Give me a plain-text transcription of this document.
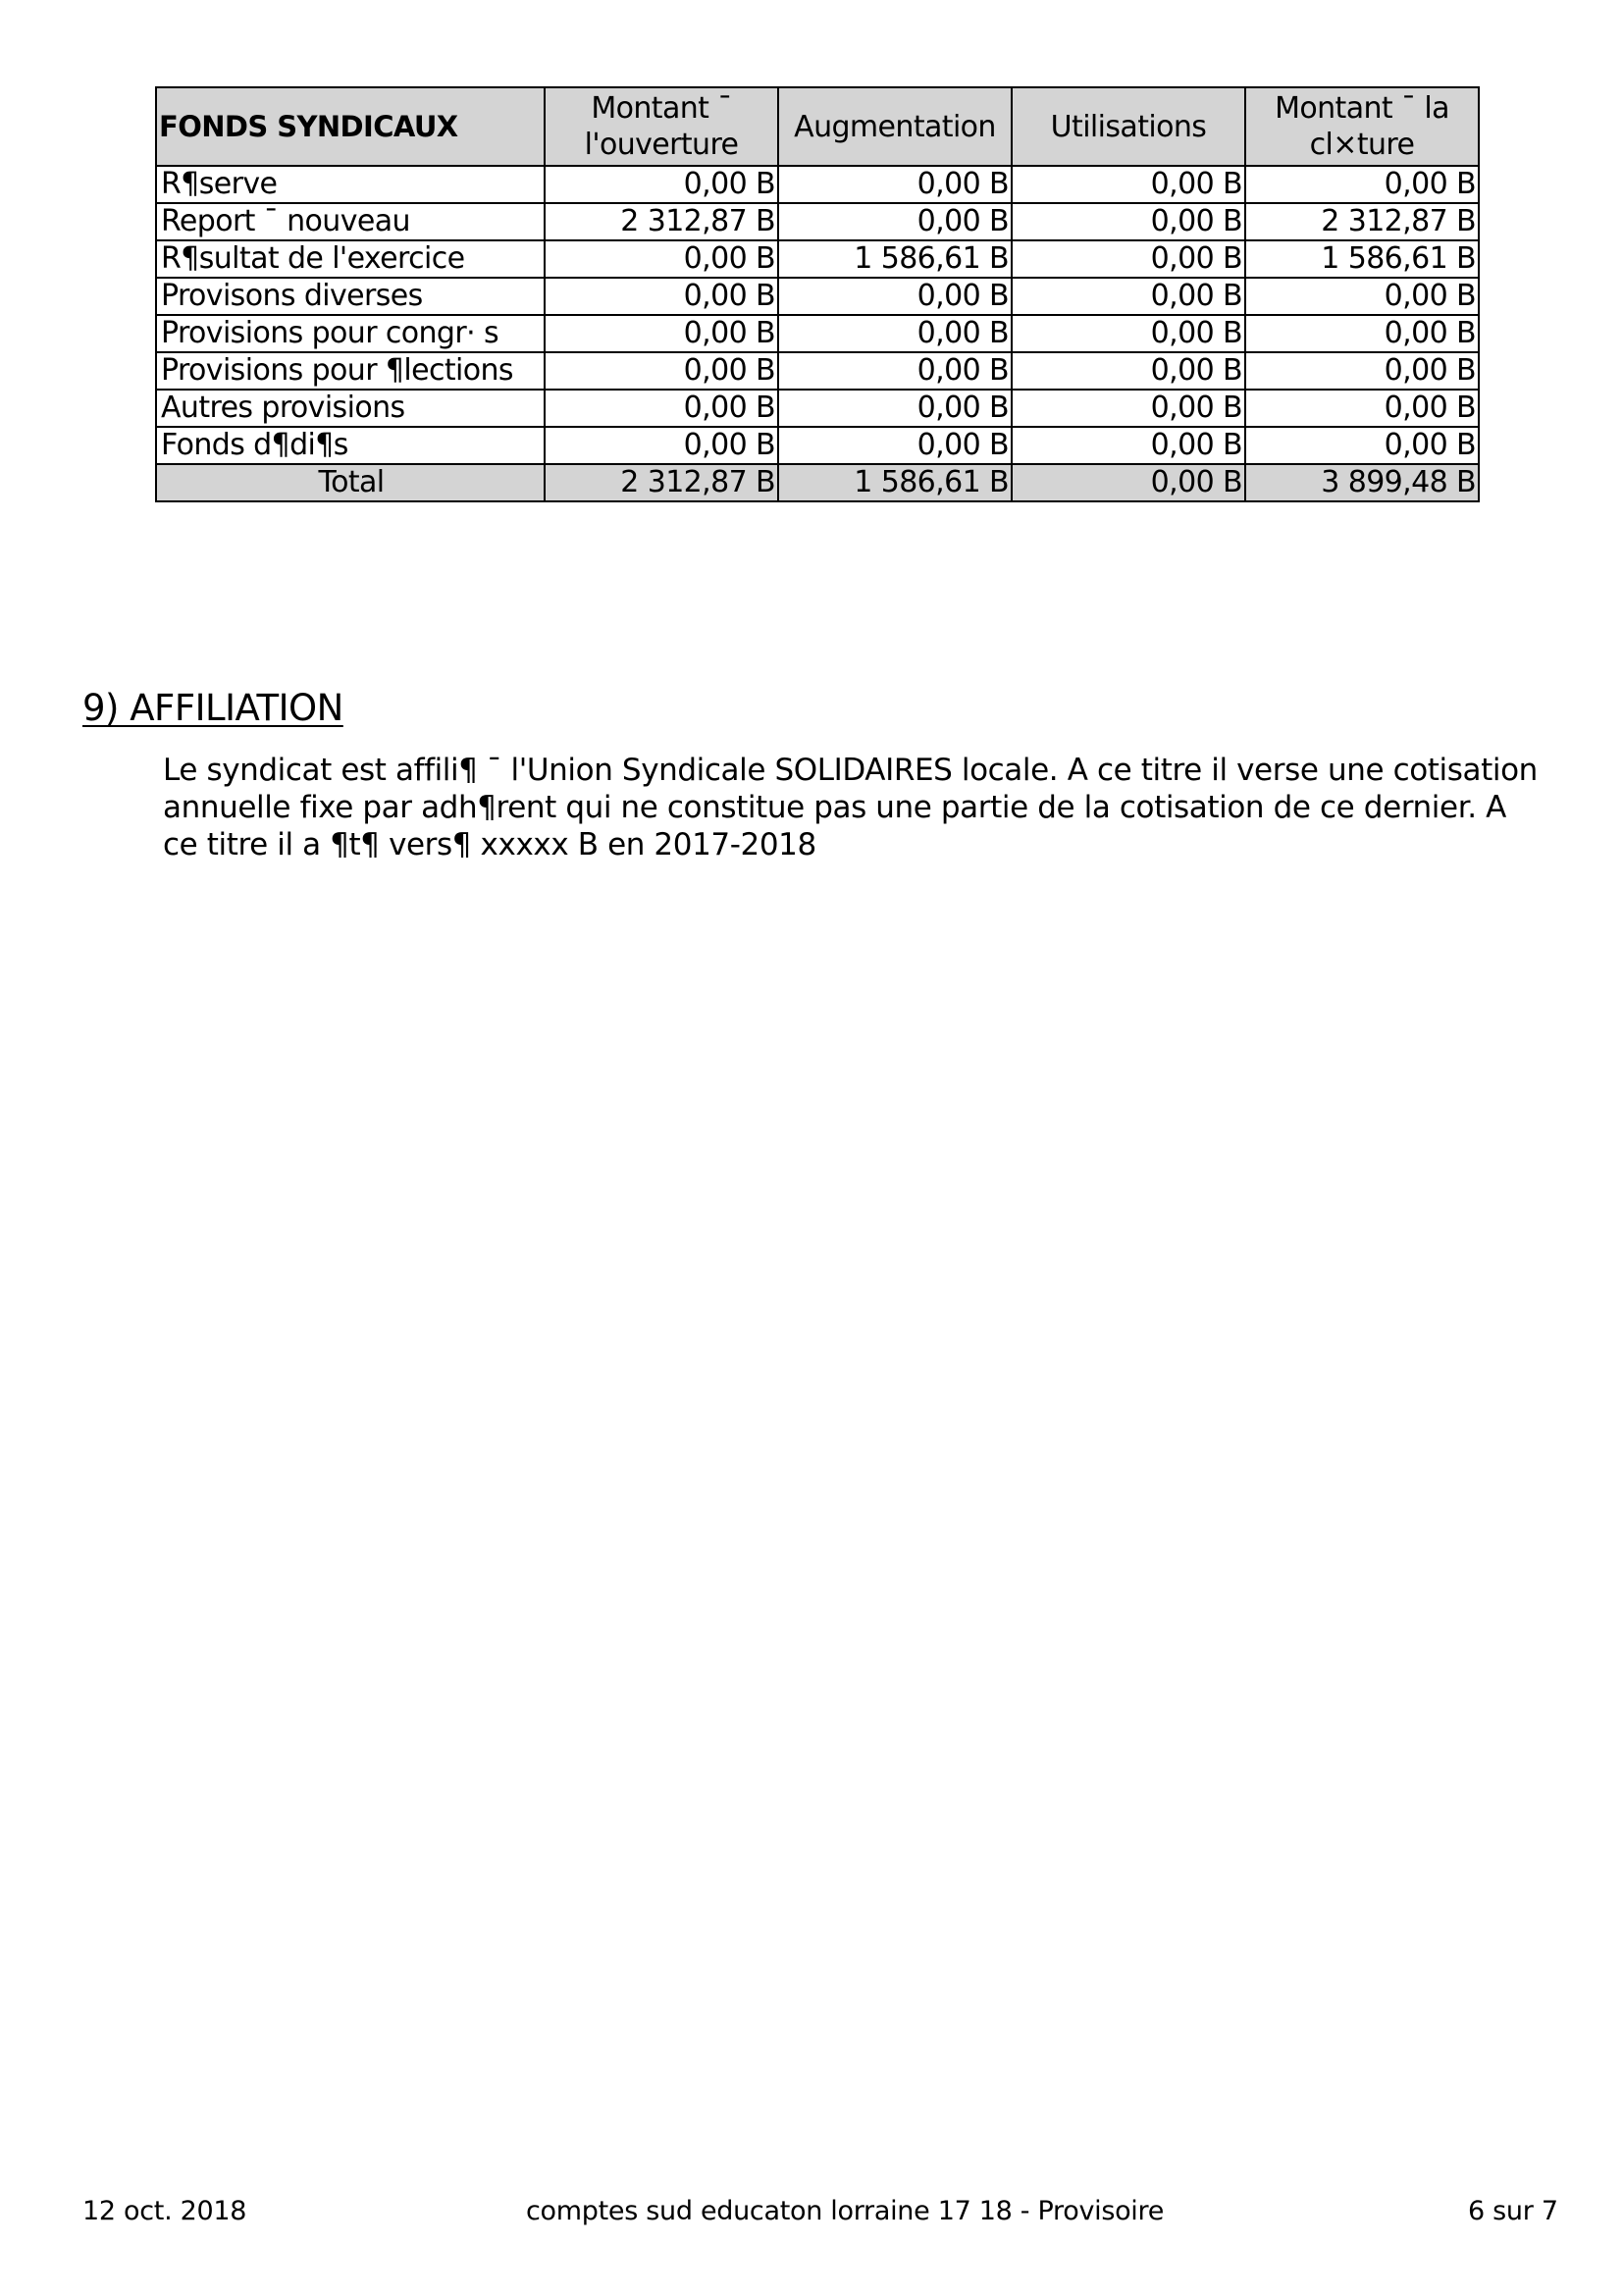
FONDS SYNDICAUX	Montant ¯ l'ouverture	Augmentation	Utilisations	Montant ¯ la cl×ture
R¶serve	0,00 B	0,00 B	0,00 B	0,00 B
Report ¯ nouveau	2 312,87 B	0,00 B	0,00 B	2 312,87 B
R¶sultat de l'exercice	0,00 B	1 586,61 B	0,00 B	1 586,61 B
Provisons diverses	0,00 B	0,00 B	0,00 B	0,00 B
Provisions pour congr· s	0,00 B	0,00 B	0,00 B	0,00 B
Provisions pour ¶lections	0,00 B	0,00 B	0,00 B	0,00 B
Autres provisions	0,00 B	0,00 B	0,00 B	0,00 B
Fonds d¶di¶s	0,00 B	0,00 B	0,00 B	0,00 B
Total	2 312,87 B	1 586,61 B	0,00 B	3 899,48 B
9) AFFILIATION

Le syndicat est affili¶ ¯ l'Union Syndicale SOLIDAIRES locale. A ce titre il verse une cotisation annuelle fixe par adh¶rent qui ne constitue pas une partie de la cotisation de ce dernier. A ce titre il a ¶t¶ vers¶ xxxxx B en 2017-2018

12 oct. 2018	comptes sud educaton lorraine 17 18 - Provisoire	6 sur 7
